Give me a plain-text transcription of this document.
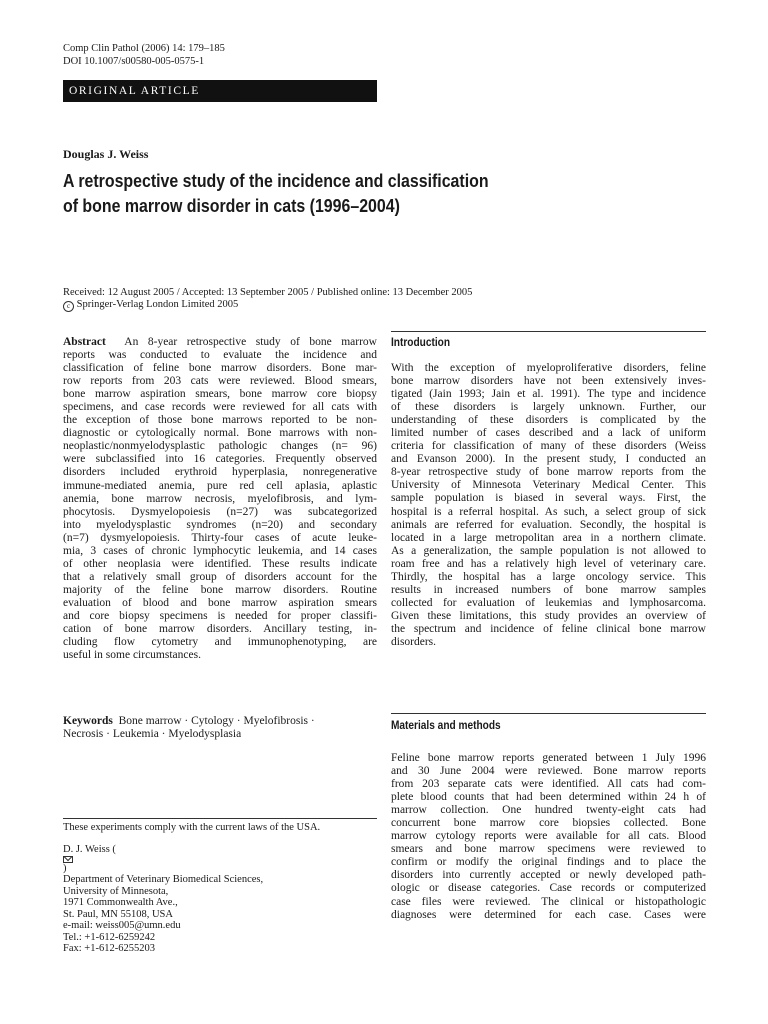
Comp Clin Pathol (2006) 14: 179–185
DOI 10.1007/s00580-005-0575-1
ORIGINAL ARTICLE
Douglas J. Weiss
A retrospective study of the incidence and classification
of bone marrow disorder in cats (1996–2004)
Received: 12 August 2005 / Accepted: 13 September 2005 / Published online: 13 December 2005
c Springer-Verlag London Limited 2005
Abstract An 8-year retrospective study of bone marrow
reports was conducted to evaluate the incidence and
classification of feline bone marrow disorders. Bone mar-
row reports from 203 cats were reviewed. Blood smears,
bone marrow aspiration smears, bone marrow core biopsy
specimens, and case records were reviewed for all cats with
the exception of those bone marrows reported to be non-
diagnostic or cytologically normal. Bone marrows with non-
neoplastic/nonmyelodysplastic pathologic changes (n= 96)
were subclassified into 16 categories. Frequently observed
disorders included erythroid hyperplasia, nonregenerative
immune-mediated anemia, pure red cell aplasia, aplastic
anemia, bone marrow necrosis, myelofibrosis, and lym-
phocytosis. Dysmyelopoiesis (n=27) was subcategorized
into myelodysplastic syndromes (n=20) and secondary
(n=7) dysmyelopoiesis. Thirty-four cases of acute leuke-
mia, 3 cases of chronic lymphocytic leukemia, and 14 cases
of other neoplasia were identified. These results indicate
that a relatively small group of disorders account for the
majority of the feline bone marrow disorders. Routine
evaluation of blood and bone marrow aspiration smears
and core biopsy specimens is needed for proper classifi-
cation of bone marrow disorders. Ancillary testing, in-
cluding flow cytometry and immunophenotyping, are
useful in some circumstances.
Keywords Bone marrow · Cytology · Myelofibrosis ·
Necrosis · Leukemia · Myelodysplasia
These experiments comply with the current laws of the USA.
D. J. Weiss (
)
Department of Veterinary Biomedical Sciences,
University of Minnesota,
1971 Commonwealth Ave.,
St. Paul, MN 55108, USA
e-mail: weiss005@umn.edu
Tel.: +1-612-6259242
Fax: +1-612-6255203
Introduction
With the exception of myeloproliferative disorders, feline
bone marrow disorders have not been extensively inves-
tigated (Jain 1993; Jain et al. 1991). The type and incidence
of these disorders is largely unknown. Further, our
understanding of these disorders is complicated by the
limited number of cases described and a lack of uniform
criteria for classification of many of these disorders (Weiss
and Evanson 2000). In the present study, I conducted an
8-year retrospective study of bone marrow reports from the
University of Minnesota Veterinary Medical Center. This
sample population is biased in several ways. First, the
hospital is a referral hospital. As such, a select group of sick
animals are referred for evaluation. Secondly, the hospital is
located in a large metropolitan area in a northern climate.
As a generalization, the sample population is not allowed to
roam free and has a relatively high level of veterinary care.
Thirdly, the hospital has a large oncology service. This
results in increased numbers of bone marrow samples
collected for evaluation of leukemias and lymphosarcoma.
Given these limitations, this study provides an overview of
the spectrum and incidence of feline clinical bone marrow
disorders.
Materials and methods
Feline bone marrow reports generated between 1 July 1996
and 30 June 2004 were reviewed. Bone marrow reports
from 203 separate cats were identified. All cats had com-
plete blood counts that had been determined within 24 h of
marrow collection. One hundred twenty-eight cats had
concurrent bone marrow core biopsies collected. Bone
marrow cytology reports were available for all cats. Blood
smears and bone marrow specimens were reviewed to
confirm or modify the original findings and to place the
disorders into currently accepted or newly developed path-
ologic or disease categories. Case records or computerized
case files were reviewed. The clinical or histopathologic
diagnoses were determined for each case. Cases were
